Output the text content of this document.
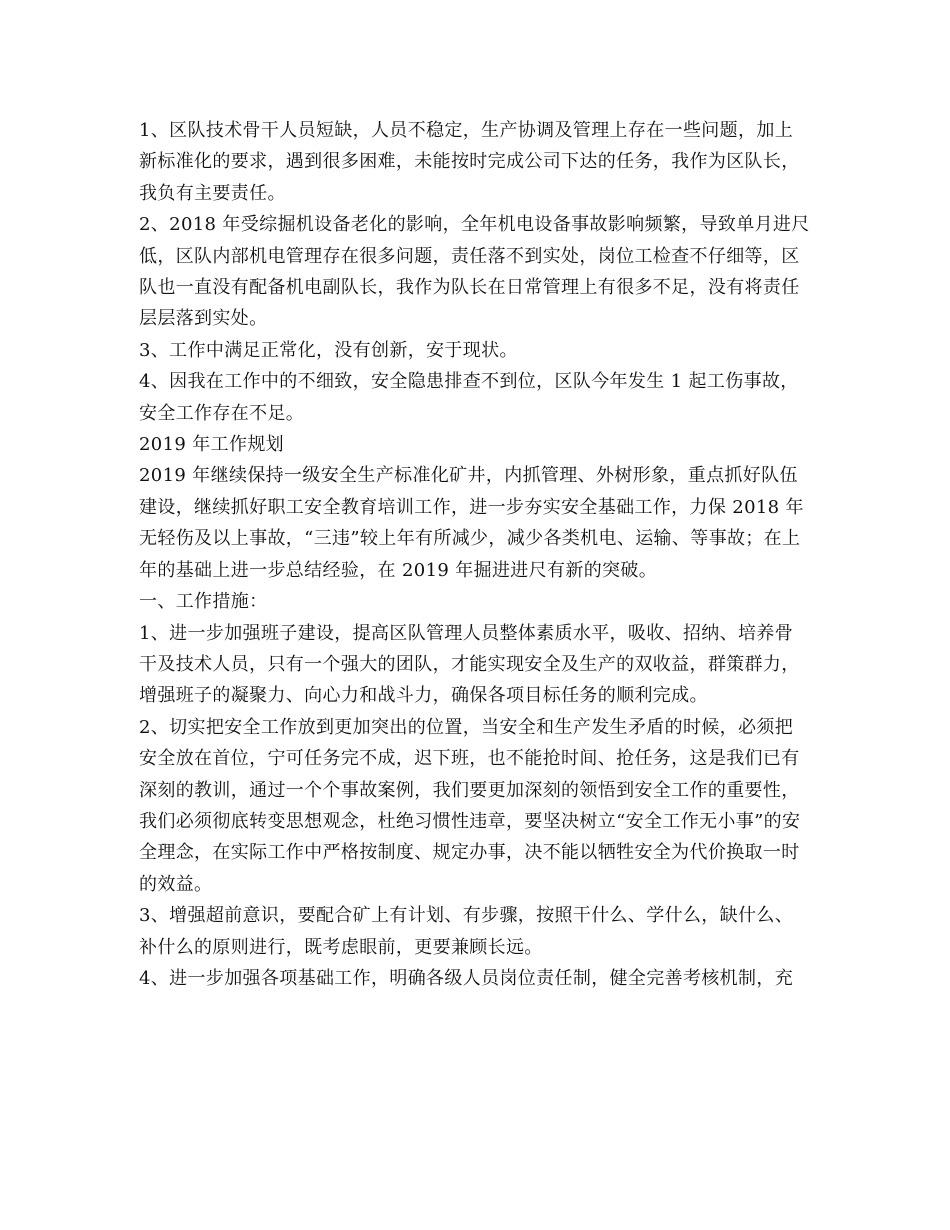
1、区队技术骨干人员短缺，人员不稳定，生产协调及管理上存在一些问题，加上新标准化的要求，遇到很多困难，未能按时完成公司下达的任务，我作为区队长，我负有主要责任。

2、2018 年受综掘机设备老化的影响，全年机电设备事故影响频繁，导致单月进尺低，区队内部机电管理存在很多问题，责任落不到实处，岗位工检查不仔细等，区队也一直没有配备机电副队长，我作为队长在日常管理上有很多不足，没有将责任层层落到实处。

3、工作中满足正常化，没有创新，安于现状。

4、因我在工作中的不细致，安全隐患排查不到位，区队今年发生 1 起工伤事故，安全工作存在不足。

2019 年工作规划

2019 年继续保持一级安全生产标准化矿井，内抓管理、外树形象，重点抓好队伍建设，继续抓好职工安全教育培训工作，进一步夯实安全基础工作，力保 2018 年无轻伤及以上事故，“三违”较上年有所减少，减少各类机电、运输、等事故；在上年的基础上进一步总结经验，在 2019 年掘进进尺有新的突破。

一、工作措施：

1、进一步加强班子建设，提高区队管理人员整体素质水平，吸收、招纳、培养骨干及技术人员，只有一个强大的团队，才能实现安全及生产的双收益，群策群力，增强班子的凝聚力、向心力和战斗力，确保各项目标任务的顺利完成。

2、切实把安全工作放到更加突出的位置，当安全和生产发生矛盾的时候，必须把安全放在首位，宁可任务完不成，迟下班，也不能抢时间、抢任务，这是我们已有深刻的教训，通过一个个事故案例，我们要更加深刻的领悟到安全工作的重要性，我们必须彻底转变思想观念，杜绝习惯性违章，要坚决树立“安全工作无小事”的安全理念，在实际工作中严格按制度、规定办事，决不能以牺牲安全为代价换取一时的效益。

3、增强超前意识，要配合矿上有计划、有步骤，按照干什么、学什么，缺什么、补什么的原则进行，既考虑眼前，更要兼顾长远。

4、进一步加强各项基础工作，明确各级人员岗位责任制，健全完善考核机制，充
